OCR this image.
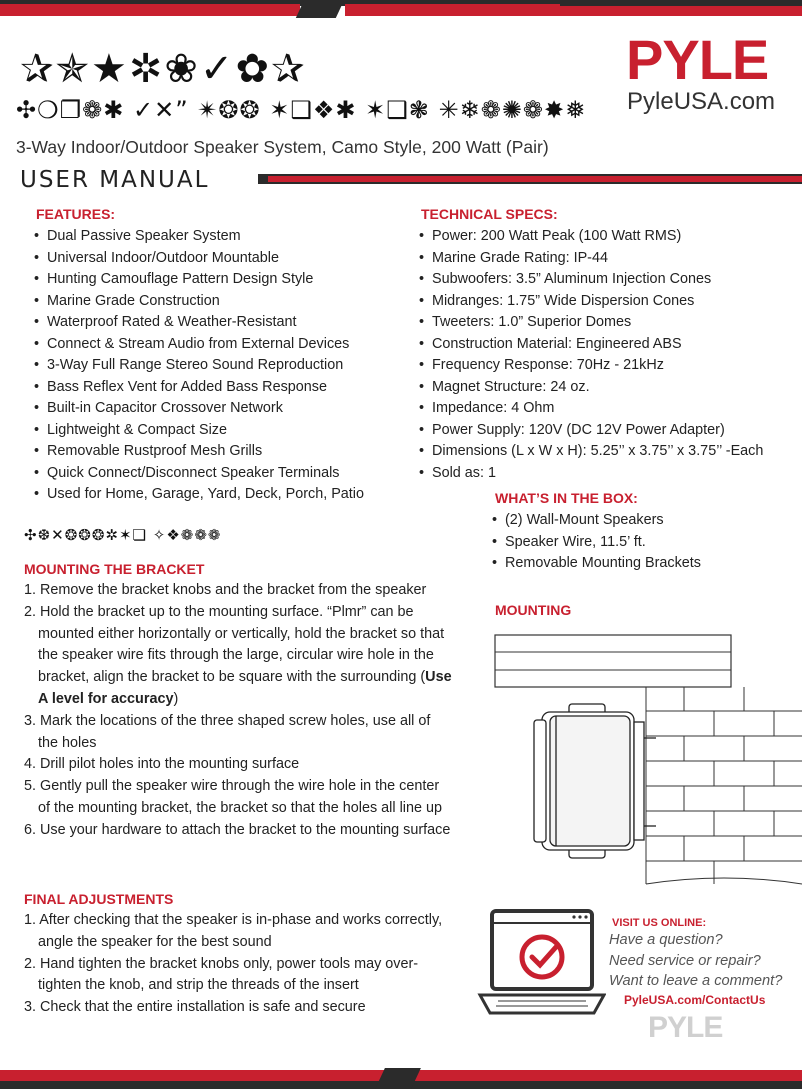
✰✯★✲❀✓✿✰
✣❍❐❁✱ ✓✕” ✴❂❂ ✶❑❖✱ ✶❑❃ ✳❄❁✺❁✸❅
3-Way Indoor/Outdoor Speaker System, Camo Style, 200 Watt (Pair)
PYLE
PyleUSA.com
USER MANUAL
FEATURES:
• Dual Passive Speaker System
• Universal Indoor/Outdoor Mountable
• Hunting Camouflage Pattern Design Style
• Marine Grade Construction
• Waterproof Rated & Weather-Resistant
• Connect & Stream Audio from External Devices
• 3-Way Full Range Stereo Sound Reproduction
• Bass Reflex Vent for Added Bass Response
• Built-in Capacitor Crossover Network
• Lightweight & Compact Size
• Removable Rustproof Mesh Grills
• Quick Connect/Disconnect Speaker Terminals
• Used for Home, Garage, Yard, Deck, Porch, Patio
TECHNICAL SPECS:
• Power: 200 Watt Peak (100 Watt RMS)
• Marine Grade Rating: IP-44
• Subwoofers: 3.5” Aluminum Injection Cones
• Midranges: 1.75” Wide Dispersion Cones
• Tweeters: 1.0” Superior Domes
• Construction Material: Engineered ABS
• Frequency Response: 70Hz - 21kHz
• Magnet Structure: 24 oz.
• Impedance: 4 Ohm
• Power Supply: 120V (DC 12V Power Adapter)
• Dimensions (L x W x H): 5.25’’ x 3.75’’ x 3.75’’ -Each
• Sold as: 1
WHAT’S IN THE BOX:
• (2) Wall-Mount Speakers
• Speaker Wire, 11.5’ ft.
• Removable Mounting Brackets
✣❆✕❂❂❂✲✶❏ ✧❖❁❁❁
MOUNTING THE BRACKET
1. Remove the bracket knobs and the bracket from the speaker
2. Hold the bracket up to the mounting surface. “Plmr” can be mounted either horizontally or vertically, hold the bracket so that the speaker wire fits through the large, circular wire hole in the bracket, align the bracket to be square with the surrounding (Use A level for accuracy)
3. Mark the locations of the three shaped screw holes, use all of the holes
4. Drill pilot holes into the mounting surface
5. Gently pull the speaker wire through the wire hole in the center of the mounting bracket, the bracket so that the holes all line up
6. Use your hardware to attach the bracket to the mounting surface
FINAL ADJUSTMENTS
1. After checking that the speaker is in-phase and works correctly, angle the speaker for the best sound
2. Hand tighten the bracket knobs only, power tools may over-tighten the knob, and strip the threads of the insert
3. Check that the entire installation is safe and secure
MOUNTING
VISIT US ONLINE:
Have a question?
Need service or repair?
Want to leave a comment?
PyleUSA.com/ContactUs
PYLE
